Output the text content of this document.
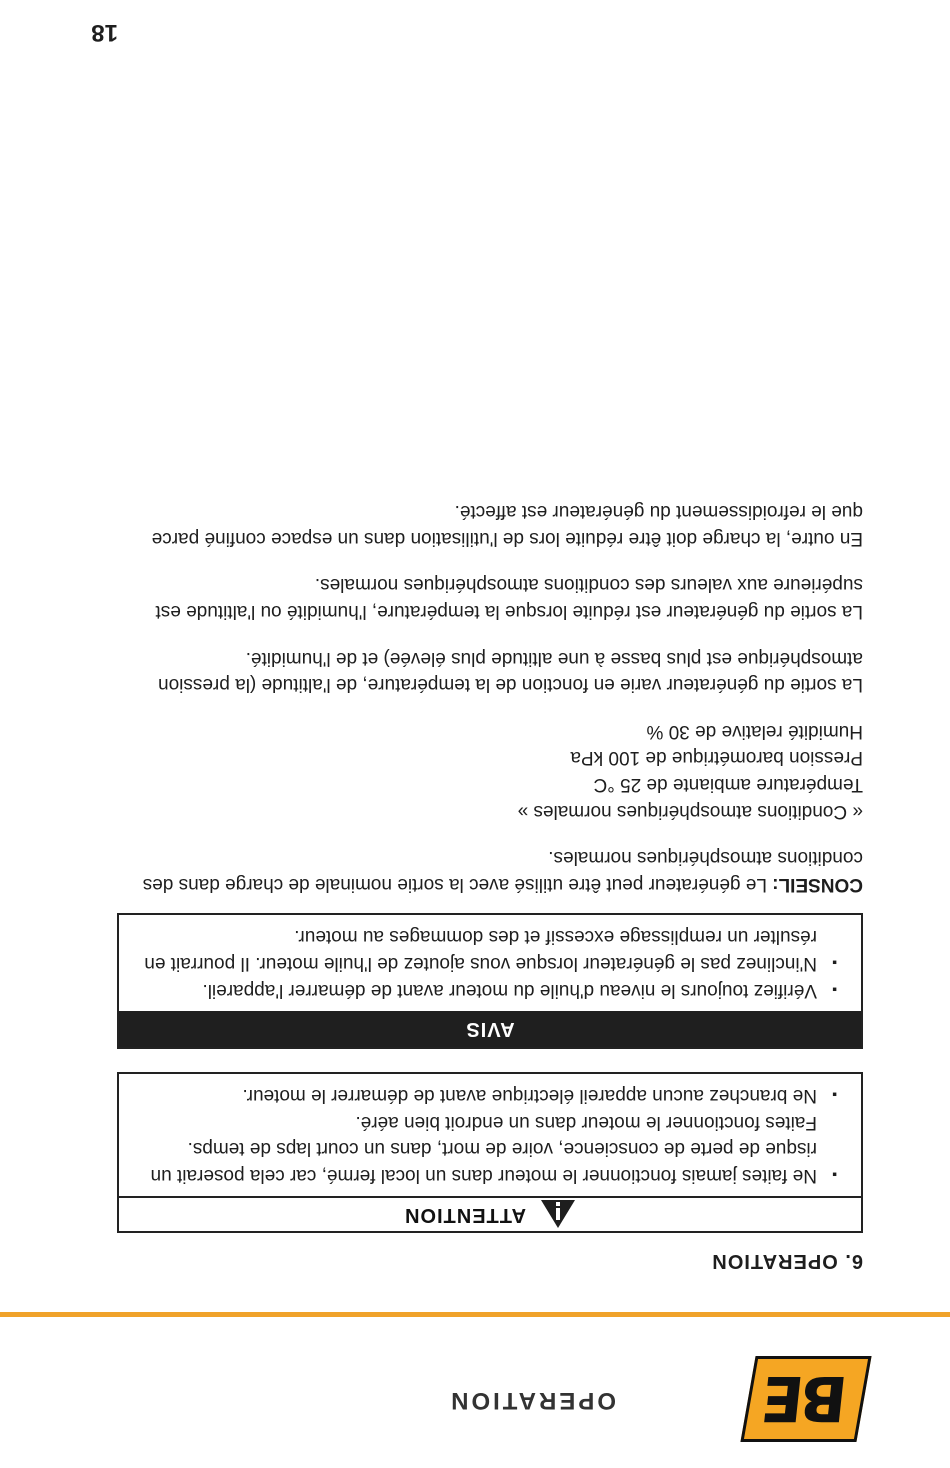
BE
OPERATION
6. OPERATION
ATTENTION
▪ Ne faites jamais fonctionner le moteur dans un local fermé, car cela poserait un risque de perte de conscience, voire de mort, dans un court laps de temps. Faites fonctionner le moteur dans un endroit bien aéré.
▪ Ne branchez aucun appareil électrique avant de démarrer le moteur.
AVIS
▪ Vérifiez toujours le niveau d'huile du moteur avant de démarrer l'appareil.
▪ N'inclinez pas le générateur lorsque vous ajoutez de l'huile moteur. Il pourrait en résulter un remplissage excessif et des dommages au moteur.

CONSEIL: Le générateur peut être utilisé avec la sortie nominale de charge dans des conditions atmosphériques normales.

« Conditions atmosphériques normales »

Température ambiante de 25 °C

Pression barométrique de 100 kPa

Humidité relative de 30 %

La sortie du générateur varie en fonction de la température, de l'altitude (la pression atmosphérique est plus basse à une altitude plus élevée) et de l'humidité.

La sortie du générateur est réduite lorsque la température, l'humidité ou l'altitude est supérieure aux valeurs des conditions atmosphériques normales.

En outre, la charge doit être réduite lors de l'utilisation dans un espace confiné parce que le refroidissement du générateur est affecté.

18
